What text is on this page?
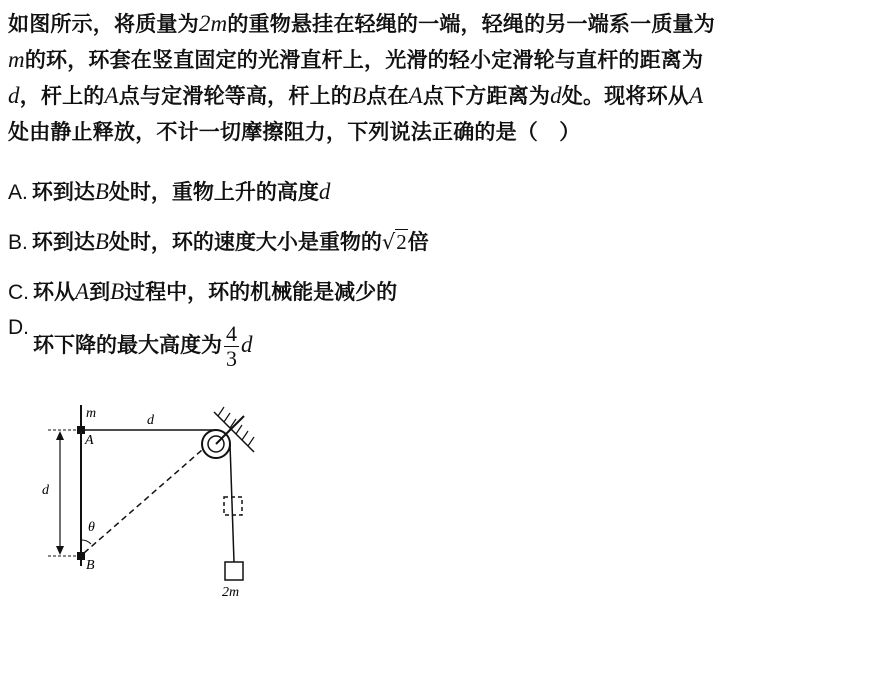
如图所示，将质量为2m的重物悬挂在轻绳的一端，轻绳的另一端系一质量为
m的环，环套在竖直固定的光滑直杆上，光滑的轻小定滑轮与直杆的距离为
d，杆上的A点与定滑轮等高，杆上的B点在A点下方距离为d处。现将环从A
处由静止释放，不计一切摩擦阻力，下列说法正确的是（　）
A. 环到达B处时，重物上升的高度d
B. 环到达B处时，环的速度大小是重物的√2倍
C. 环从A到B过程中，环的机械能是减少的
D.环下降的最大高度为 $\frac{4}{3}$ d
m
A
d
d
θ
B
2m
